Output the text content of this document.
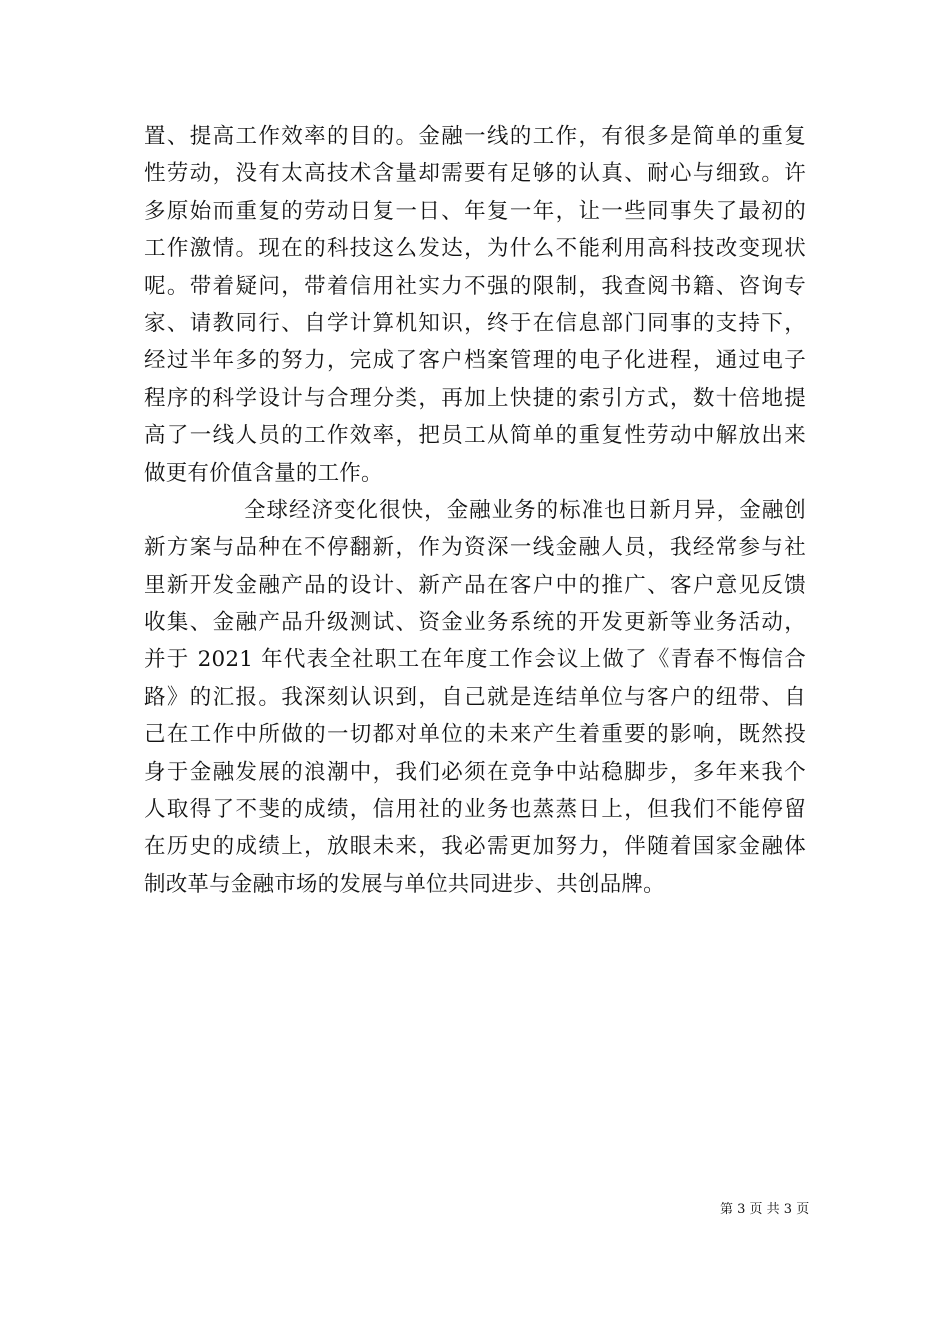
置、提高工作效率的目的。金融一线的工作，有很多是简单的重复
性劳动，没有太高技术含量却需要有足够的认真、耐心与细致。许
多原始而重复的劳动日复一日、年复一年，让一些同事失了最初的
工作激情。现在的科技这么发达，为什么不能利用高科技改变现状
呢。带着疑问，带着信用社实力不强的限制，我查阅书籍、咨询专
家、请教同行、自学计算机知识，终于在信息部门同事的支持下，
经过半年多的努力，完成了客户档案管理的电子化进程，通过电子
程序的科学设计与合理分类，再加上快捷的索引方式，数十倍地提
高了一线人员的工作效率，把员工从简单的重复性劳动中解放出来
做更有价值含量的工作。
全球经济变化很快，金融业务的标准也日新月异，金融创
新方案与品种在不停翻新，作为资深一线金融人员，我经常参与社
里新开发金融产品的设计、新产品在客户中的推广、客户意见反馈
收集、金融产品升级测试、资金业务系统的开发更新等业务活动，
并于 2021 年代表全社职工在年度工作会议上做了《青春不悔信合
路》的汇报。我深刻认识到，自己就是连结单位与客户的纽带、自
己在工作中所做的一切都对单位的未来产生着重要的影响，既然投
身于金融发展的浪潮中，我们必须在竞争中站稳脚步，多年来我个
人取得了不斐的成绩，信用社的业务也蒸蒸日上，但我们不能停留
在历史的成绩上，放眼未来，我必需更加努力，伴随着国家金融体
制改革与金融市场的发展与单位共同进步、共创品牌。
第 3 页 共 3 页
